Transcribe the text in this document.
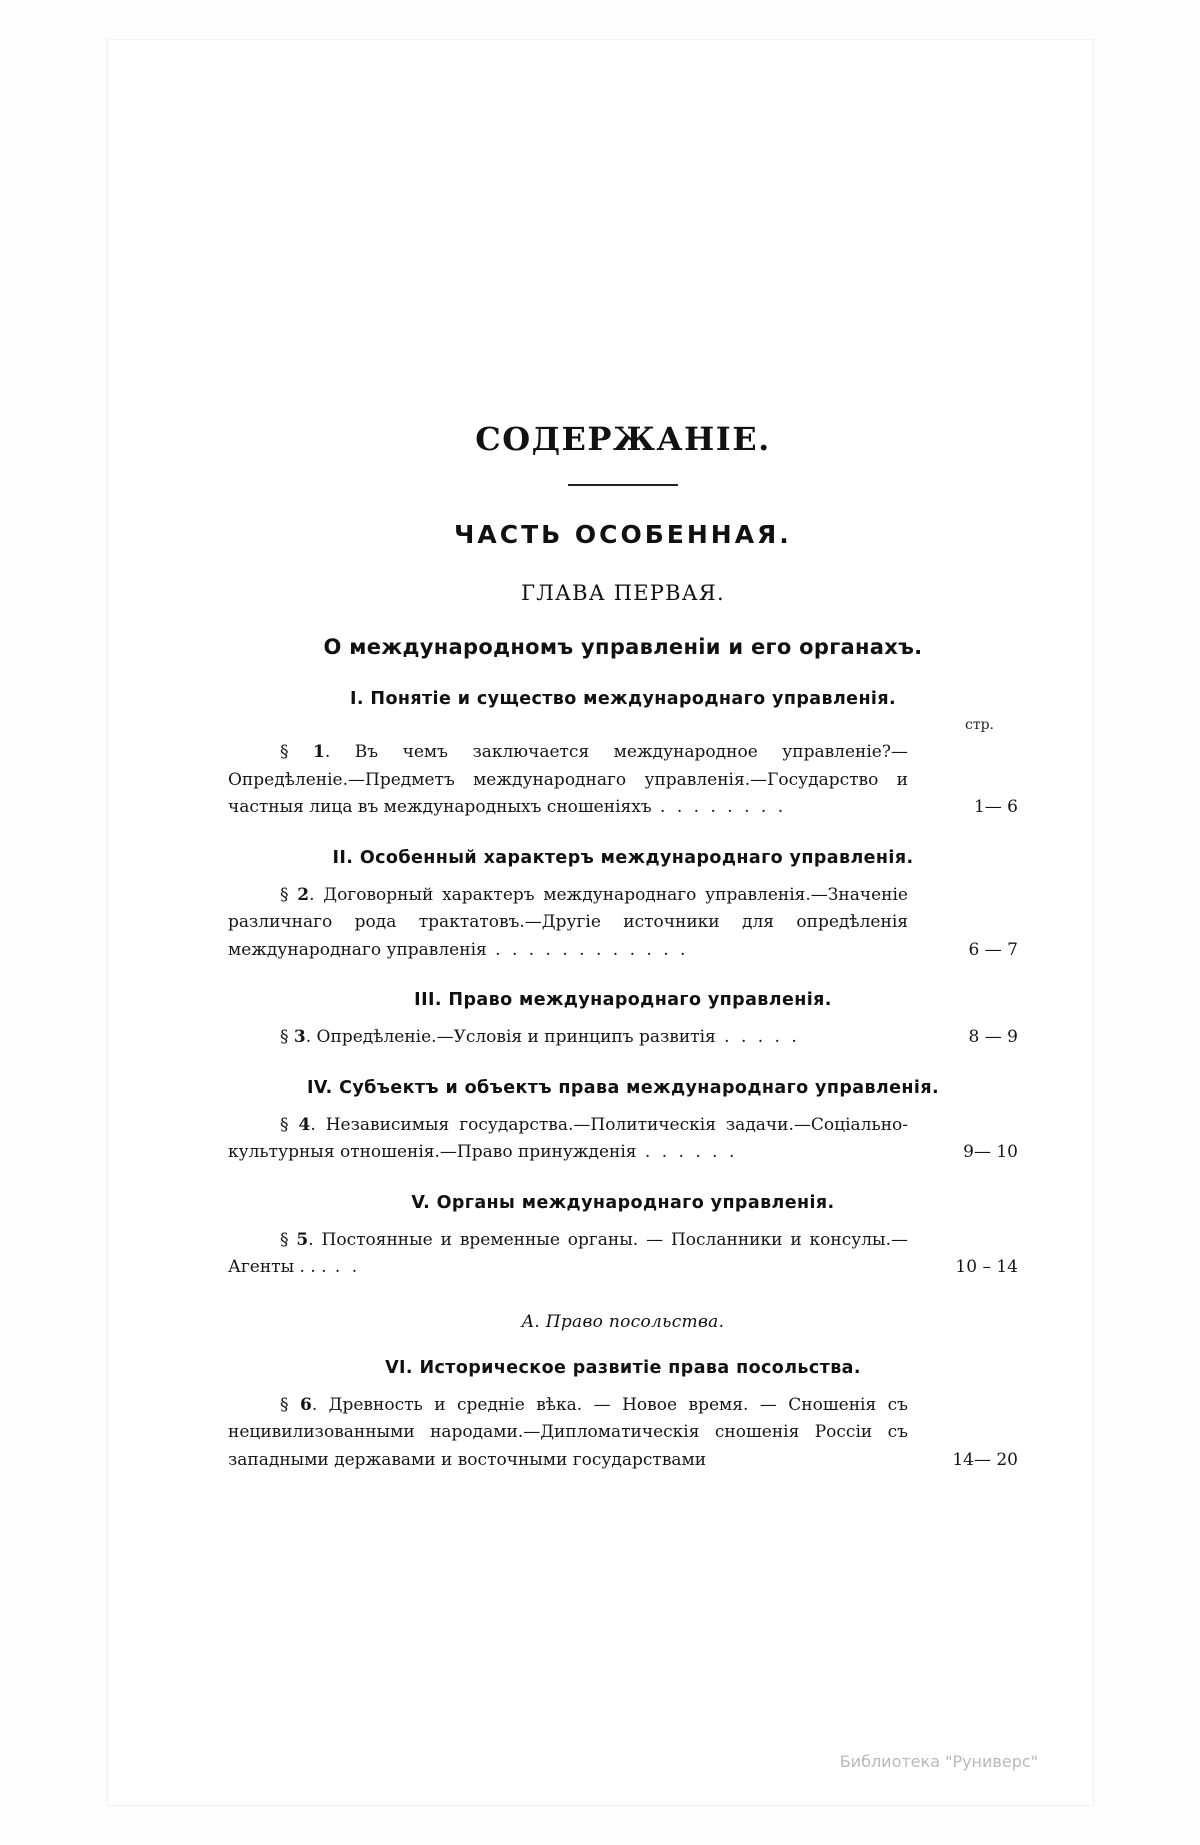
СОДЕРЖАНІЕ.
ЧАСТЬ ОСОБЕННАЯ.
ГЛАВА ПЕРВАЯ.
О международномъ управленіи и его органахъ.
I. Понятіе и существо международнаго управленія.
стр.
§ 1. Въ чемъ заключается международное управленіе?—Опредѣленіе.—Предметъ международнаго управленія.—Государство и частныя лица въ международныхъ сношеніяхъ . . . . . . . .	1— 6
II. Особенный характеръ международнаго управленія.
§ 2. Договорный характеръ международнаго управленія.—Значеніе различнаго рода трактатовъ.—Другіе источники для опредѣленія международнаго управленія . . . . . . . . . . . .	6 — 7
III. Право международнаго управленія.
§ 3. Опредѣленіе.—Условія и принципъ развитія . . . . .	8 — 9
IV. Субъектъ и объектъ права международнаго управленія.
§ 4. Независимыя государства.—Политическія задачи.—Соціально-культурныя отношенія.—Право принужденія . . . . . .	9— 10
V. Органы международнаго управленія.
§ 5. Постоянные и временные органы. — Посланники и консулы.—Агенты . . . . .	10 – 14
A. Право посольства.
VI. Историческое развитіе права посольства.
§ 6. Древность и средніе вѣка. — Новое время. — Сношенія съ нецивилизованными народами.—Дипломатическія сношенія Россіи съ западными державами и восточными государствами	14— 20
Библиотека "Руниверс"
